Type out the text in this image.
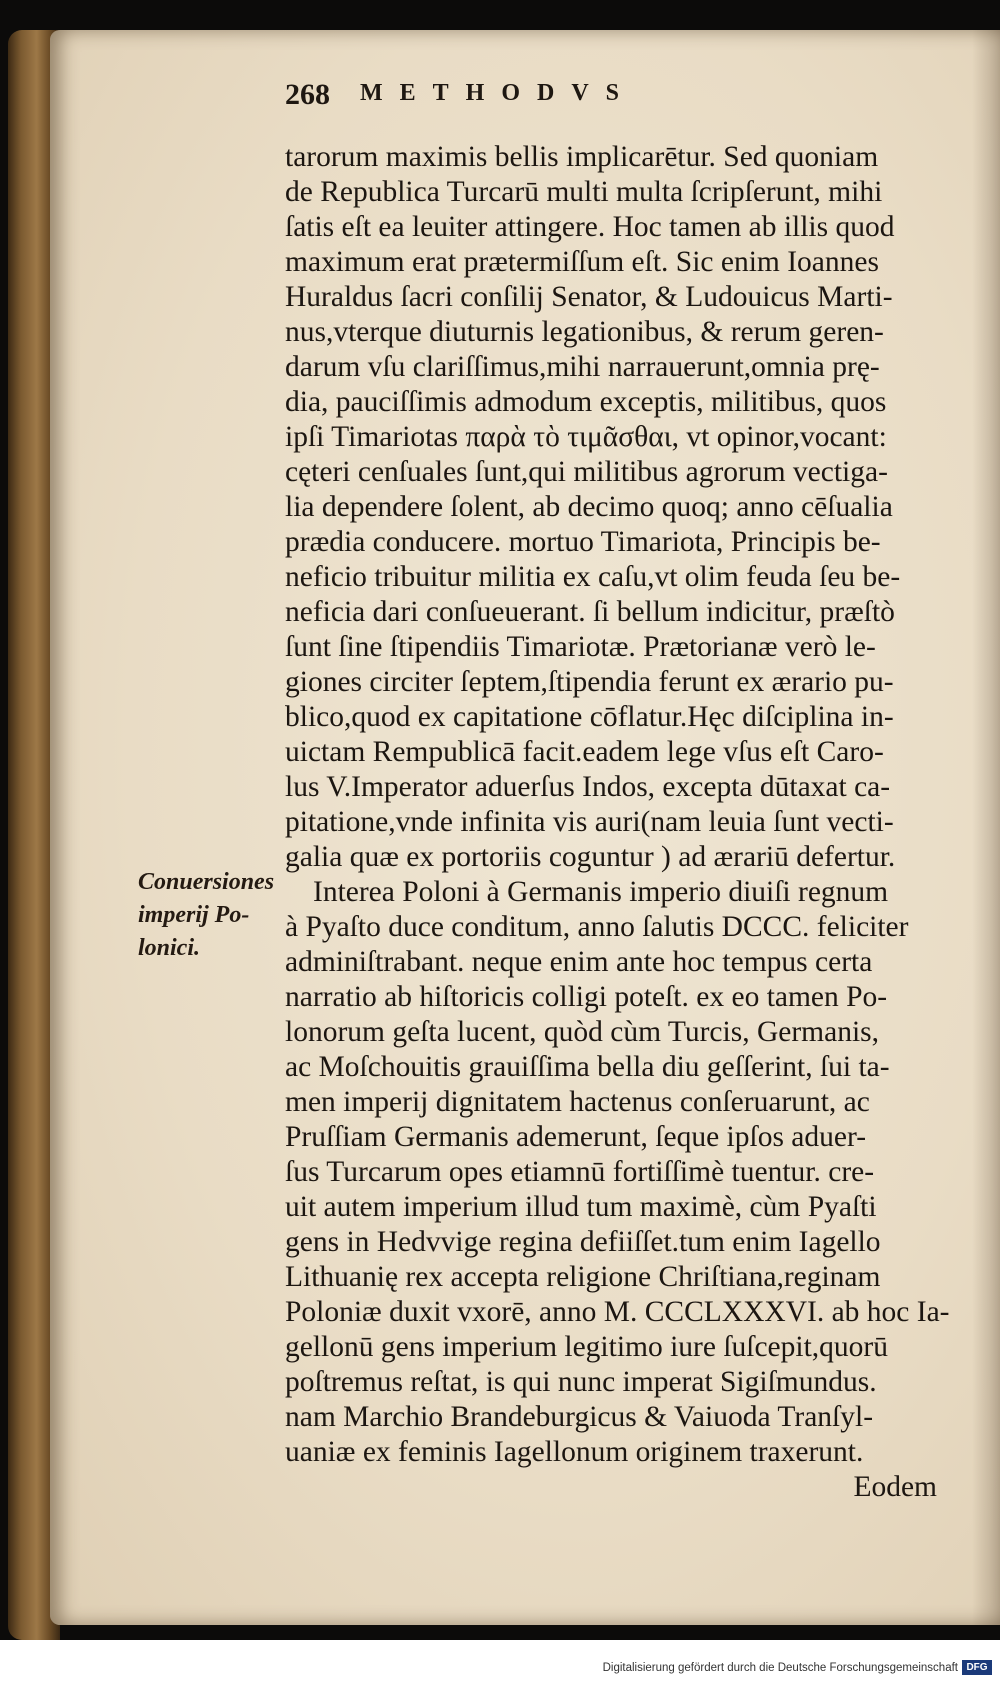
268 METHODVS
Conuersiones
imperij Po-
lonici.
tarorum maximis bellis implicarētur. Sed quoniam
de Republica Turcarū multi multa ſcripſerunt, mihi
ſatis eſt ea leuiter attingere. Hoc tamen ab illis quod
maximum erat prætermiſſum eſt. Sic enim Ioannes
Huraldus ſacri conſilij Senator, & Ludouicus Marti-
nus,vterque diuturnis legationibus, & rerum geren-
darum vſu clariſſimus,mihi narrauerunt,omnia prę-
dia, pauciſſimis admodum exceptis, militibus, quos
ipſi Timariotas παρὰ τὸ τιμᾶσθαι, vt opinor,vocant:
cęteri cenſuales ſunt,qui militibus agrorum vectiga-
lia dependere ſolent, ab decimo quoq; anno cēſualia
prædia conducere. mortuo Timariota, Principis be-
neficio tribuitur militia ex caſu,vt olim feuda ſeu be-
neficia dari conſueuerant. ſi bellum indicitur, præſtò
ſunt ſine ſtipendiis Timariotæ. Prætorianæ verò le-
giones circiter ſeptem,ſtipendia ferunt ex ærario pu-
blico,quod ex capitatione cōflatur.Hęc diſciplina in-
uictam Rempublicā facit.eadem lege vſus eſt Caro-
lus V.Imperator aduerſus Indos, excepta dūtaxat ca-
pitatione,vnde infinita vis auri(nam leuia ſunt vecti-
galia quæ ex portoriis coguntur ) ad ærariū defertur.
Interea Poloni à Germanis imperio diuiſi regnum
à Pyaſto duce conditum, anno ſalutis DCCC. feliciter
adminiſtrabant. neque enim ante hoc tempus certa
narratio ab hiſtoricis colligi poteſt. ex eo tamen Po-
lonorum geſta lucent, quòd cùm Turcis, Germanis,
ac Moſchouitis grauiſſima bella diu geſſerint, ſui ta-
men imperij dignitatem hactenus conſeruarunt, ac
Pruſſiam Germanis ademerunt, ſeque ipſos aduer-
ſus Turcarum opes etiamnū fortiſſimè tuentur. cre-
uit autem imperium illud tum maximè, cùm Pyaſti
gens in Hedvvige regina defiiſſet.tum enim Iagello
Lithuanię rex accepta religione Chriſtiana,reginam
Poloniæ duxit vxorē, anno M. CCCLXXXVI. ab hoc Ia-
gellonū gens imperium legitimo iure ſuſcepit,quorū
poſtremus reſtat, is qui nunc imperat Sigiſmundus.
nam Marchio Brandeburgicus & Vaiuoda Tranſyl-
uaniæ ex feminis Iagellonum originem traxerunt.
Eodem
Digitalisierung gefördert durch die Deutsche Forschungsgemeinschaft DFG
